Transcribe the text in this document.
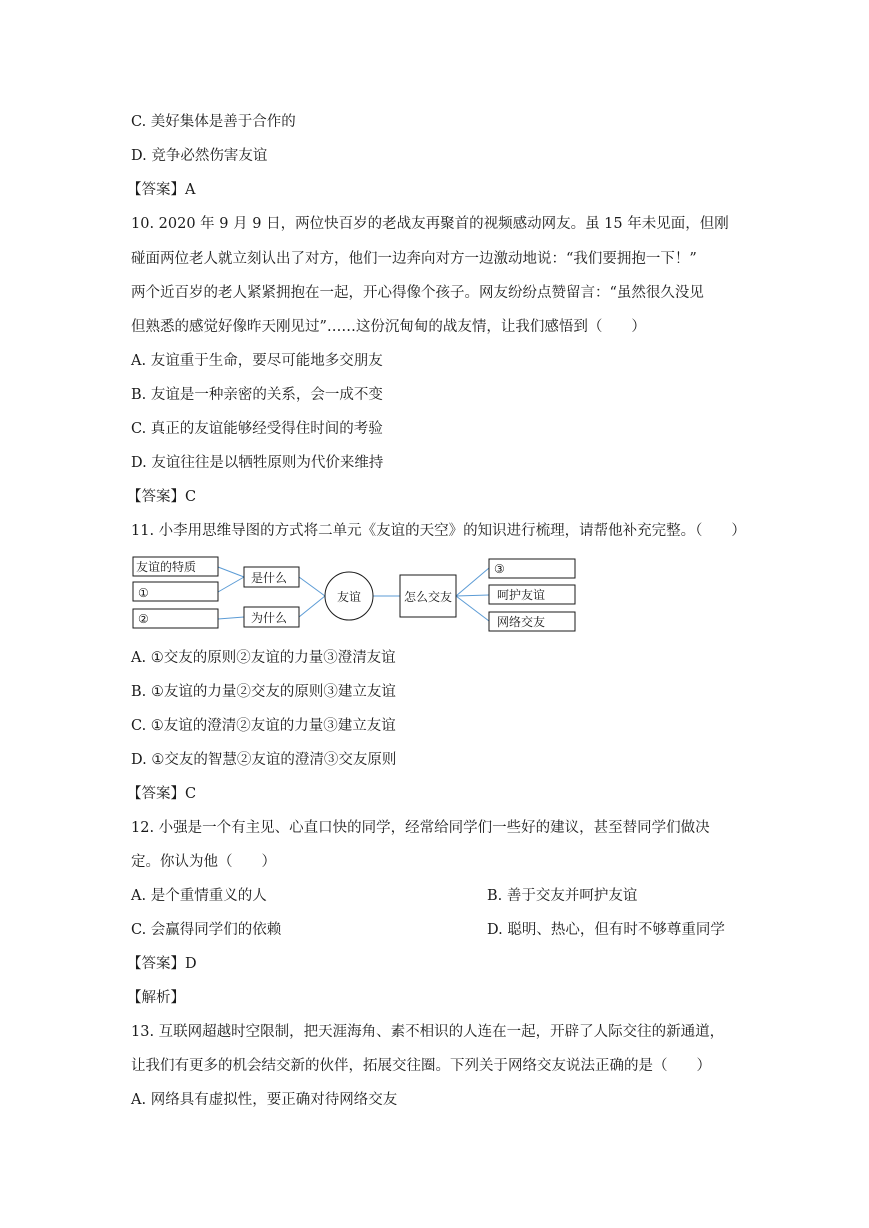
C. 美好集体是善于合作的
D. 竞争必然伤害友谊
【答案】A
10. 2020 年 9 月 9 日，两位快百岁的老战友再聚首的视频感动网友。虽 15 年未见面，但刚
碰面两位老人就立刻认出了对方，他们一边奔向对方一边激动地说：“我们要拥抱一下！”
两个近百岁的老人紧紧拥抱在一起，开心得像个孩子。网友纷纷点赞留言：“虽然很久没见
但熟悉的感觉好像昨天刚见过”……这份沉甸甸的战友情，让我们感悟到（　　）
A. 友谊重于生命，要尽可能地多交朋友
B. 友谊是一种亲密的关系，会一成不变
C. 真正的友谊能够经受得住时间的考验
D. 友谊往往是以牺牲原则为代价来维持
【答案】C
11. 小李用思维导图的方式将二单元《友谊的天空》的知识进行梳理，请帮他补充完整。（　　）
友谊的特质
①
②
是什么
为什么
友谊	怎么交友
③
呵护友谊
网络交友
A. ①交友的原则②友谊的力量③澄清友谊
B. ①友谊的力量②交友的原则③建立友谊
C. ①友谊的澄清②友谊的力量③建立友谊
D. ①交友的智慧②友谊的澄清③交友原则
【答案】C
12. 小强是一个有主见、心直口快的同学，经常给同学们一些好的建议，甚至替同学们做决
定。你认为他（　　）
A. 是个重情重义的人	B. 善于交友并呵护友谊
C. 会赢得同学们的依赖	D. 聪明、热心，但有时不够尊重同学
【答案】D
【解析】
13. 互联网超越时空限制，把天涯海角、素不相识的人连在一起，开辟了人际交往的新通道，
让我们有更多的机会结交新的伙伴，拓展交往圈。下列关于网络交友说法正确的是（　　）
A. 网络具有虚拟性，要正确对待网络交友
